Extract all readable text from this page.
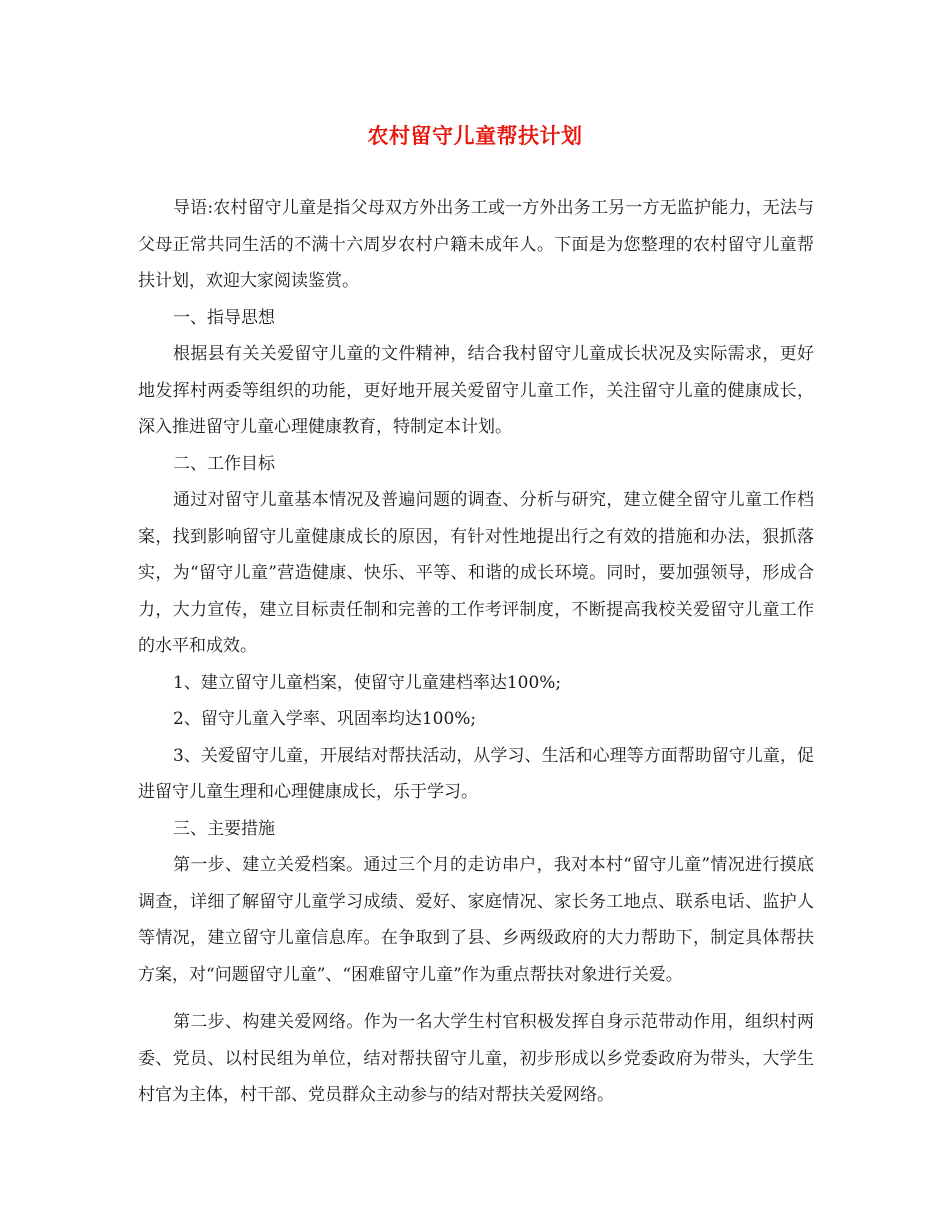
农村留守儿童帮扶计划

导语:农村留守儿童是指父母双方外出务工或一方外出务工另一方无监护能力，无法与父母正常共同生活的不满十六周岁农村户籍未成年人。下面是为您整理的农村留守儿童帮扶计划，欢迎大家阅读鉴赏。

一、指导思想

根据县有关关爱留守儿童的文件精神，结合我村留守儿童成长状况及实际需求，更好地发挥村两委等组织的功能，更好地开展关爱留守儿童工作，关注留守儿童的健康成长，深入推进留守儿童心理健康教育，特制定本计划。

二、工作目标

通过对留守儿童基本情况及普遍问题的调查、分析与研究，建立健全留守儿童工作档案，找到影响留守儿童健康成长的原因，有针对性地提出行之有效的措施和办法，狠抓落实，为“留守儿童”营造健康、快乐、平等、和谐的成长环境。同时，要加强领导，形成合力，大力宣传，建立目标责任制和完善的工作考评制度，不断提高我校关爱留守儿童工作的水平和成效。

1、建立留守儿童档案，使留守儿童建档率达100%;

2、留守儿童入学率、巩固率均达100%;

3、关爱留守儿童，开展结对帮扶活动，从学习、生活和心理等方面帮助留守儿童，促进留守儿童生理和心理健康成长，乐于学习。

三、主要措施

第一步、建立关爱档案。通过三个月的走访串户，我对本村“留守儿童”情况进行摸底调查，详细了解留守儿童学习成绩、爱好、家庭情况、家长务工地点、联系电话、监护人等情况，建立留守儿童信息库。在争取到了县、乡两级政府的大力帮助下，制定具体帮扶方案，对“问题留守儿童”、“困难留守儿童”作为重点帮扶对象进行关爱。

第二步、构建关爱网络。作为一名大学生村官积极发挥自身示范带动作用，组织村两委、党员、以村民组为单位，结对帮扶留守儿童，初步形成以乡党委政府为带头，大学生村官为主体，村干部、党员群众主动参与的结对帮扶关爱网络。
